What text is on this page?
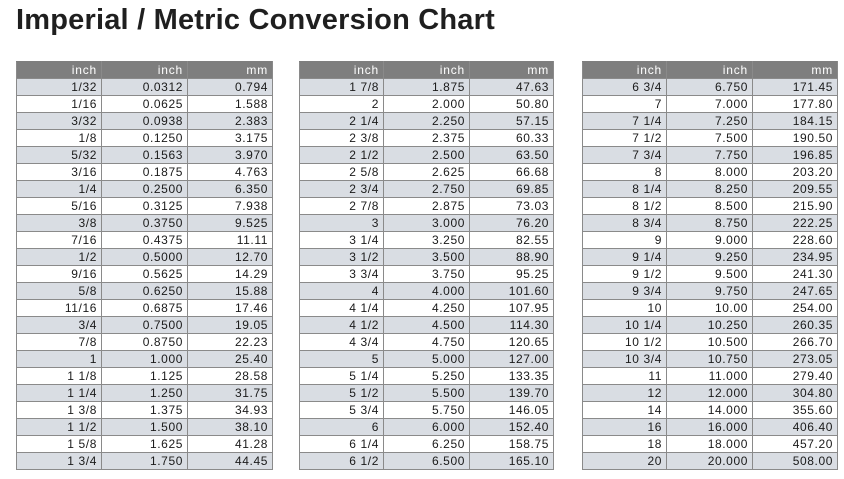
Imperial / Metric Conversion Chart
inch	inch	mm
1/32	0.0312	0.794
1/16	0.0625	1.588
3/32	0.0938	2.383
1/8	0.1250	3.175
5/32	0.1563	3.970
3/16	0.1875	4.763
1/4	0.2500	6.350
5/16	0.3125	7.938
3/8	0.3750	9.525
7/16	0.4375	11.11
1/2	0.5000	12.70
9/16	0.5625	14.29
5/8	0.6250	15.88
11/16	0.6875	17.46
3/4	0.7500	19.05
7/8	0.8750	22.23
1	1.000	25.40
1 1/8	1.125	28.58
1 1/4	1.250	31.75
1 3/8	1.375	34.93
1 1/2	1.500	38.10
1 5/8	1.625	41.28
1 3/4	1.750	44.45
inch	inch	mm
1 7/8	1.875	47.63
2	2.000	50.80
2 1/4	2.250	57.15
2 3/8	2.375	60.33
2 1/2	2.500	63.50
2 5/8	2.625	66.68
2 3/4	2.750	69.85
2 7/8	2.875	73.03
3	3.000	76.20
3 1/4	3.250	82.55
3 1/2	3.500	88.90
3 3/4	3.750	95.25
4	4.000	101.60
4 1/4	4.250	107.95
4 1/2	4.500	114.30
4 3/4	4.750	120.65
5	5.000	127.00
5 1/4	5.250	133.35
5 1/2	5.500	139.70
5 3/4	5.750	146.05
6	6.000	152.40
6 1/4	6.250	158.75
6 1/2	6.500	165.10
inch	inch	mm
6 3/4	6.750	171.45
7	7.000	177.80
7 1/4	7.250	184.15
7 1/2	7.500	190.50
7 3/4	7.750	196.85
8	8.000	203.20
8 1/4	8.250	209.55
8 1/2	8.500	215.90
8 3/4	8.750	222.25
9	9.000	228.60
9 1/4	9.250	234.95
9 1/2	9.500	241.30
9 3/4	9.750	247.65
10	10.00	254.00
10 1/4	10.250	260.35
10 1/2	10.500	266.70
10 3/4	10.750	273.05
11	11.000	279.40
12	12.000	304.80
14	14.000	355.60
16	16.000	406.40
18	18.000	457.20
20	20.000	508.00
